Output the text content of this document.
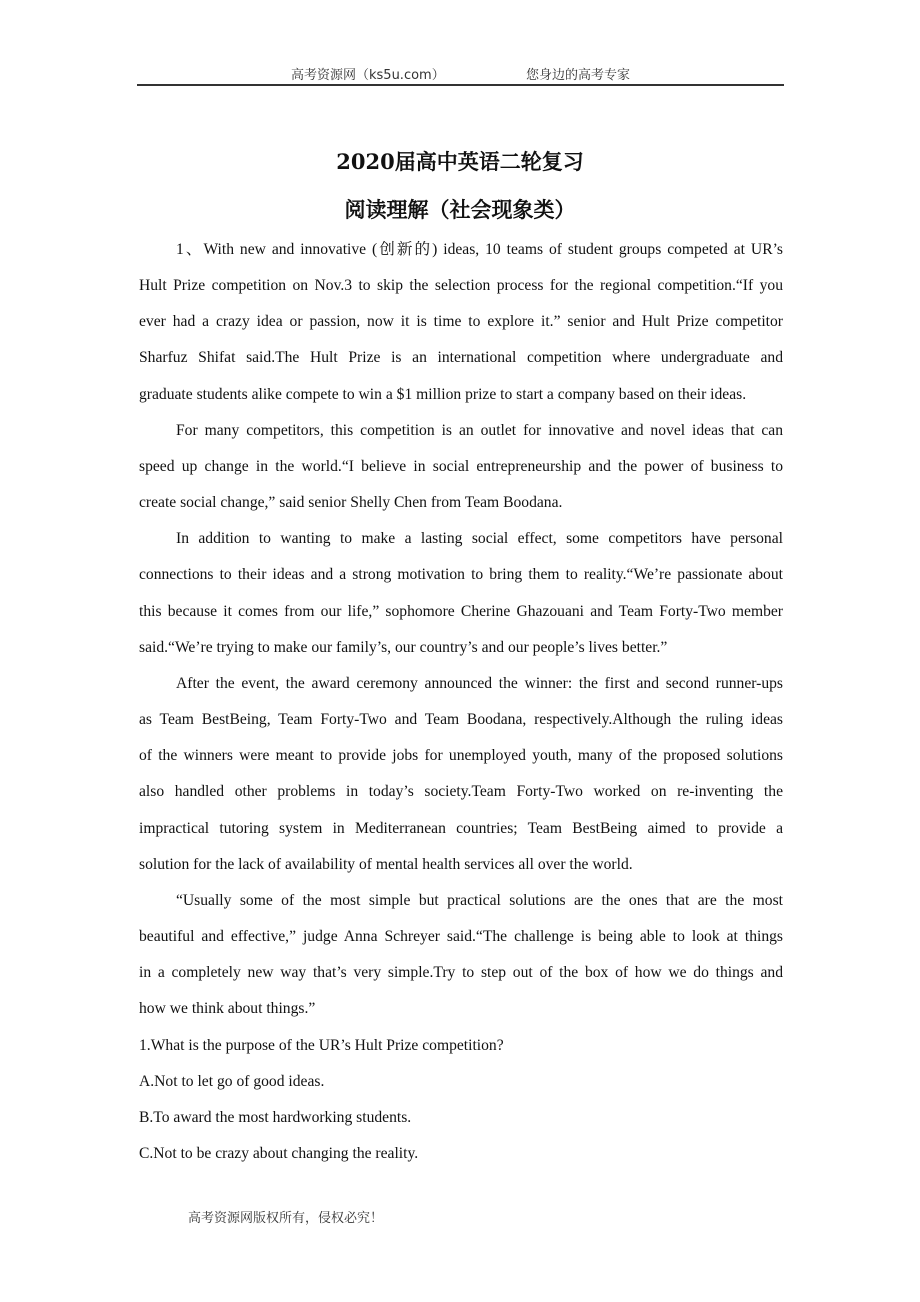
高考资源网（ks5u.com）	您身边的高考专家
2020届高中英语二轮复习
阅读理解（社会现象类）
1、With new and innovative (创新的) ideas, 10 teams of student groups competed at UR’s
Hult Prize competition on Nov.3 to skip the selection process for the regional competition.“If you
ever had a crazy idea or passion, now it is time to explore it.” senior and Hult Prize competitor
Sharfuz Shifat said.The Hult Prize is an international competition where undergraduate and
graduate students alike compete to win a $1 million prize to start a company based on their ideas.
For many competitors, this competition is an outlet for innovative and novel ideas that can
speed up change in the world.“I believe in social entrepreneurship and the power of business to
create social change,” said senior Shelly Chen from Team Boodana.
In addition to wanting to make a lasting social effect, some competitors have personal
connections to their ideas and a strong motivation to bring them to reality.“We’re passionate about
this because it comes from our life,” sophomore Cherine Ghazouani and Team Forty-Two member
said.“We’re trying to make our family’s, our country’s and our people’s lives better.”
After the event, the award ceremony announced the winner: the first and second runner-ups
as Team BestBeing, Team Forty-Two and Team Boodana, respectively.Although the ruling ideas
of the winners were meant to provide jobs for unemployed youth, many of the proposed solutions
also handled other problems in today’s society.Team Forty-Two worked on re-inventing the
impractical tutoring system in Mediterranean countries; Team BestBeing aimed to provide a
solution for the lack of availability of mental health services all over the world.
“Usually some of the most simple but practical solutions are the ones that are the most
beautiful and effective,” judge Anna Schreyer said.“The challenge is being able to look at things
in a completely new way that’s very simple.Try to step out of the box of how we do things and
how we think about things.”
1.What is the purpose of the UR’s Hult Prize competition?
A.Not to let go of good ideas.
B.To award the most hardworking students.
C.Not to be crazy about changing the reality.
高考资源网版权所有，侵权必究！
